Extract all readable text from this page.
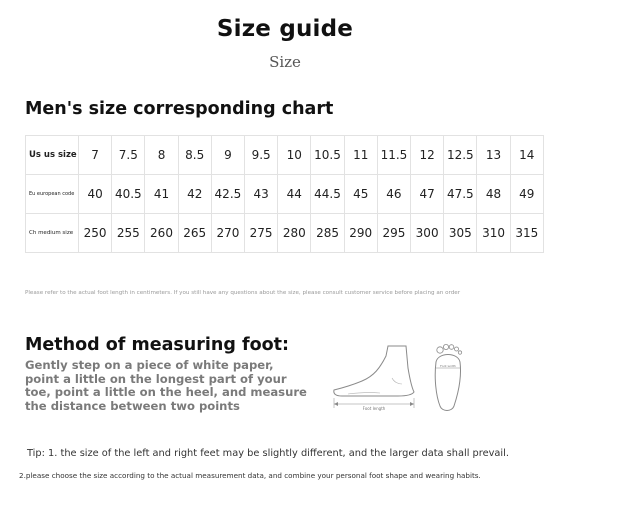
Size guide
Size
Men's size corresponding chart
Us us size	7	7.5	8	8.5	9	9.5	10	10.5	11	11.5	12	12.5	13	14
Eu european code	40	40.5	41	42	42.5	43	44	44.5	45	46	47	47.5	48	49
Ch medium size	250	255	260	265	270	275	280	285	290	295	300	305	310	315
Please refer to the actual foot length in centimeters. If you still have any questions about the size, please consult customer service before placing an order
Method of measuring foot:
Gently step on a piece of white paper,
point a little on the longest part of your
toe, point a little on the heel, and measure
the distance between two points	Foot length
Foot width
Tip: 1. the size of the left and right feet may be slightly different, and the larger data shall prevail.
2.please choose the size according to the actual measurement data, and combine your personal foot shape and wearing habits.
